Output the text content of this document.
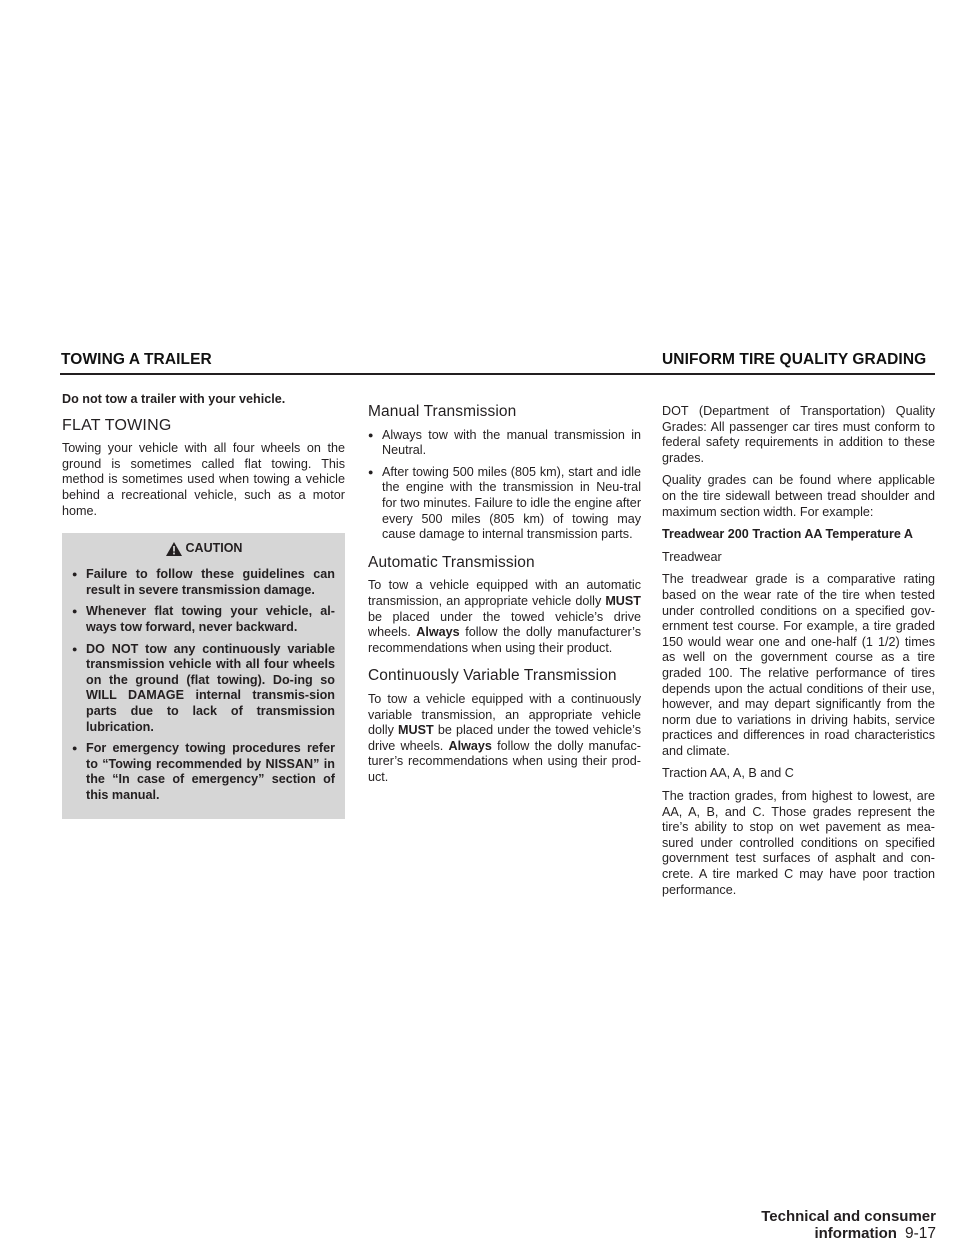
TOWING A TRAILER	UNIFORM TIRE QUALITY GRADING

Do not tow a trailer with your vehicle.

FLAT TOWING

Towing your vehicle with all four wheels on the ground is sometimes called flat towing. This method is sometimes used when towing a vehicle behind a recreational vehicle, such as a motor home.

CAUTION
● Failure to follow these guidelines can result in severe transmission damage.
● Whenever flat towing your vehicle, al-ways tow forward, never backward.
● DO NOT tow any continuously variable transmission vehicle with all four wheels on the ground (flat towing). Do-ing so WILL DAMAGE internal transmis-sion parts due to lack of transmission lubrication.
● For emergency towing procedures refer to “Towing recommended by NISSAN” in the “In case of emergency” section of this manual.
Manual Transmission
● Always tow with the manual transmission in Neutral.
● After towing 500 miles (805 km), start and idle the engine with the transmission in Neu-tral for two minutes. Failure to idle the engine after every 500 miles (805 km) of towing may cause damage to internal transmission parts.
Automatic Transmission

To tow a vehicle equipped with an automatic transmission, an appropriate vehicle dolly MUST be placed under the towed vehicle’s drive wheels. Always follow the dolly manufacturer’s recommendations when using their product.

Continuously Variable Transmission

To tow a vehicle equipped with a continuously variable transmission, an appropriate vehicle dolly MUST be placed under the towed vehicle’s drive wheels. Always follow the dolly manufac-turer’s recommendations when using their prod-uct.

DOT (Department of Transportation) Quality Grades: All passenger car tires must conform to federal safety requirements in addition to these grades.

Quality grades can be found where applicable on the tire sidewall between tread shoulder and maximum section width. For example:

Treadwear 200 Traction AA Temperature A

Treadwear

The treadwear grade is a comparative rating based on the wear rate of the tire when tested under controlled conditions on a specified gov-ernment test course. For example, a tire graded 150 would wear one and one-half (1 1/2) times as well on the government course as a tire graded 100. The relative performance of tires depends upon the actual conditions of their use, however, and may depart significantly from the norm due to variations in driving habits, service practices and differences in road characteristics and climate.

Traction AA, A, B and C

The traction grades, from highest to lowest, are AA, A, B, and C. Those grades represent the tire’s ability to stop on wet pavement as mea-sured under controlled conditions on specified government test surfaces of asphalt and con-crete. A tire marked C may have poor traction performance.

Technical and consumer information 9-17
